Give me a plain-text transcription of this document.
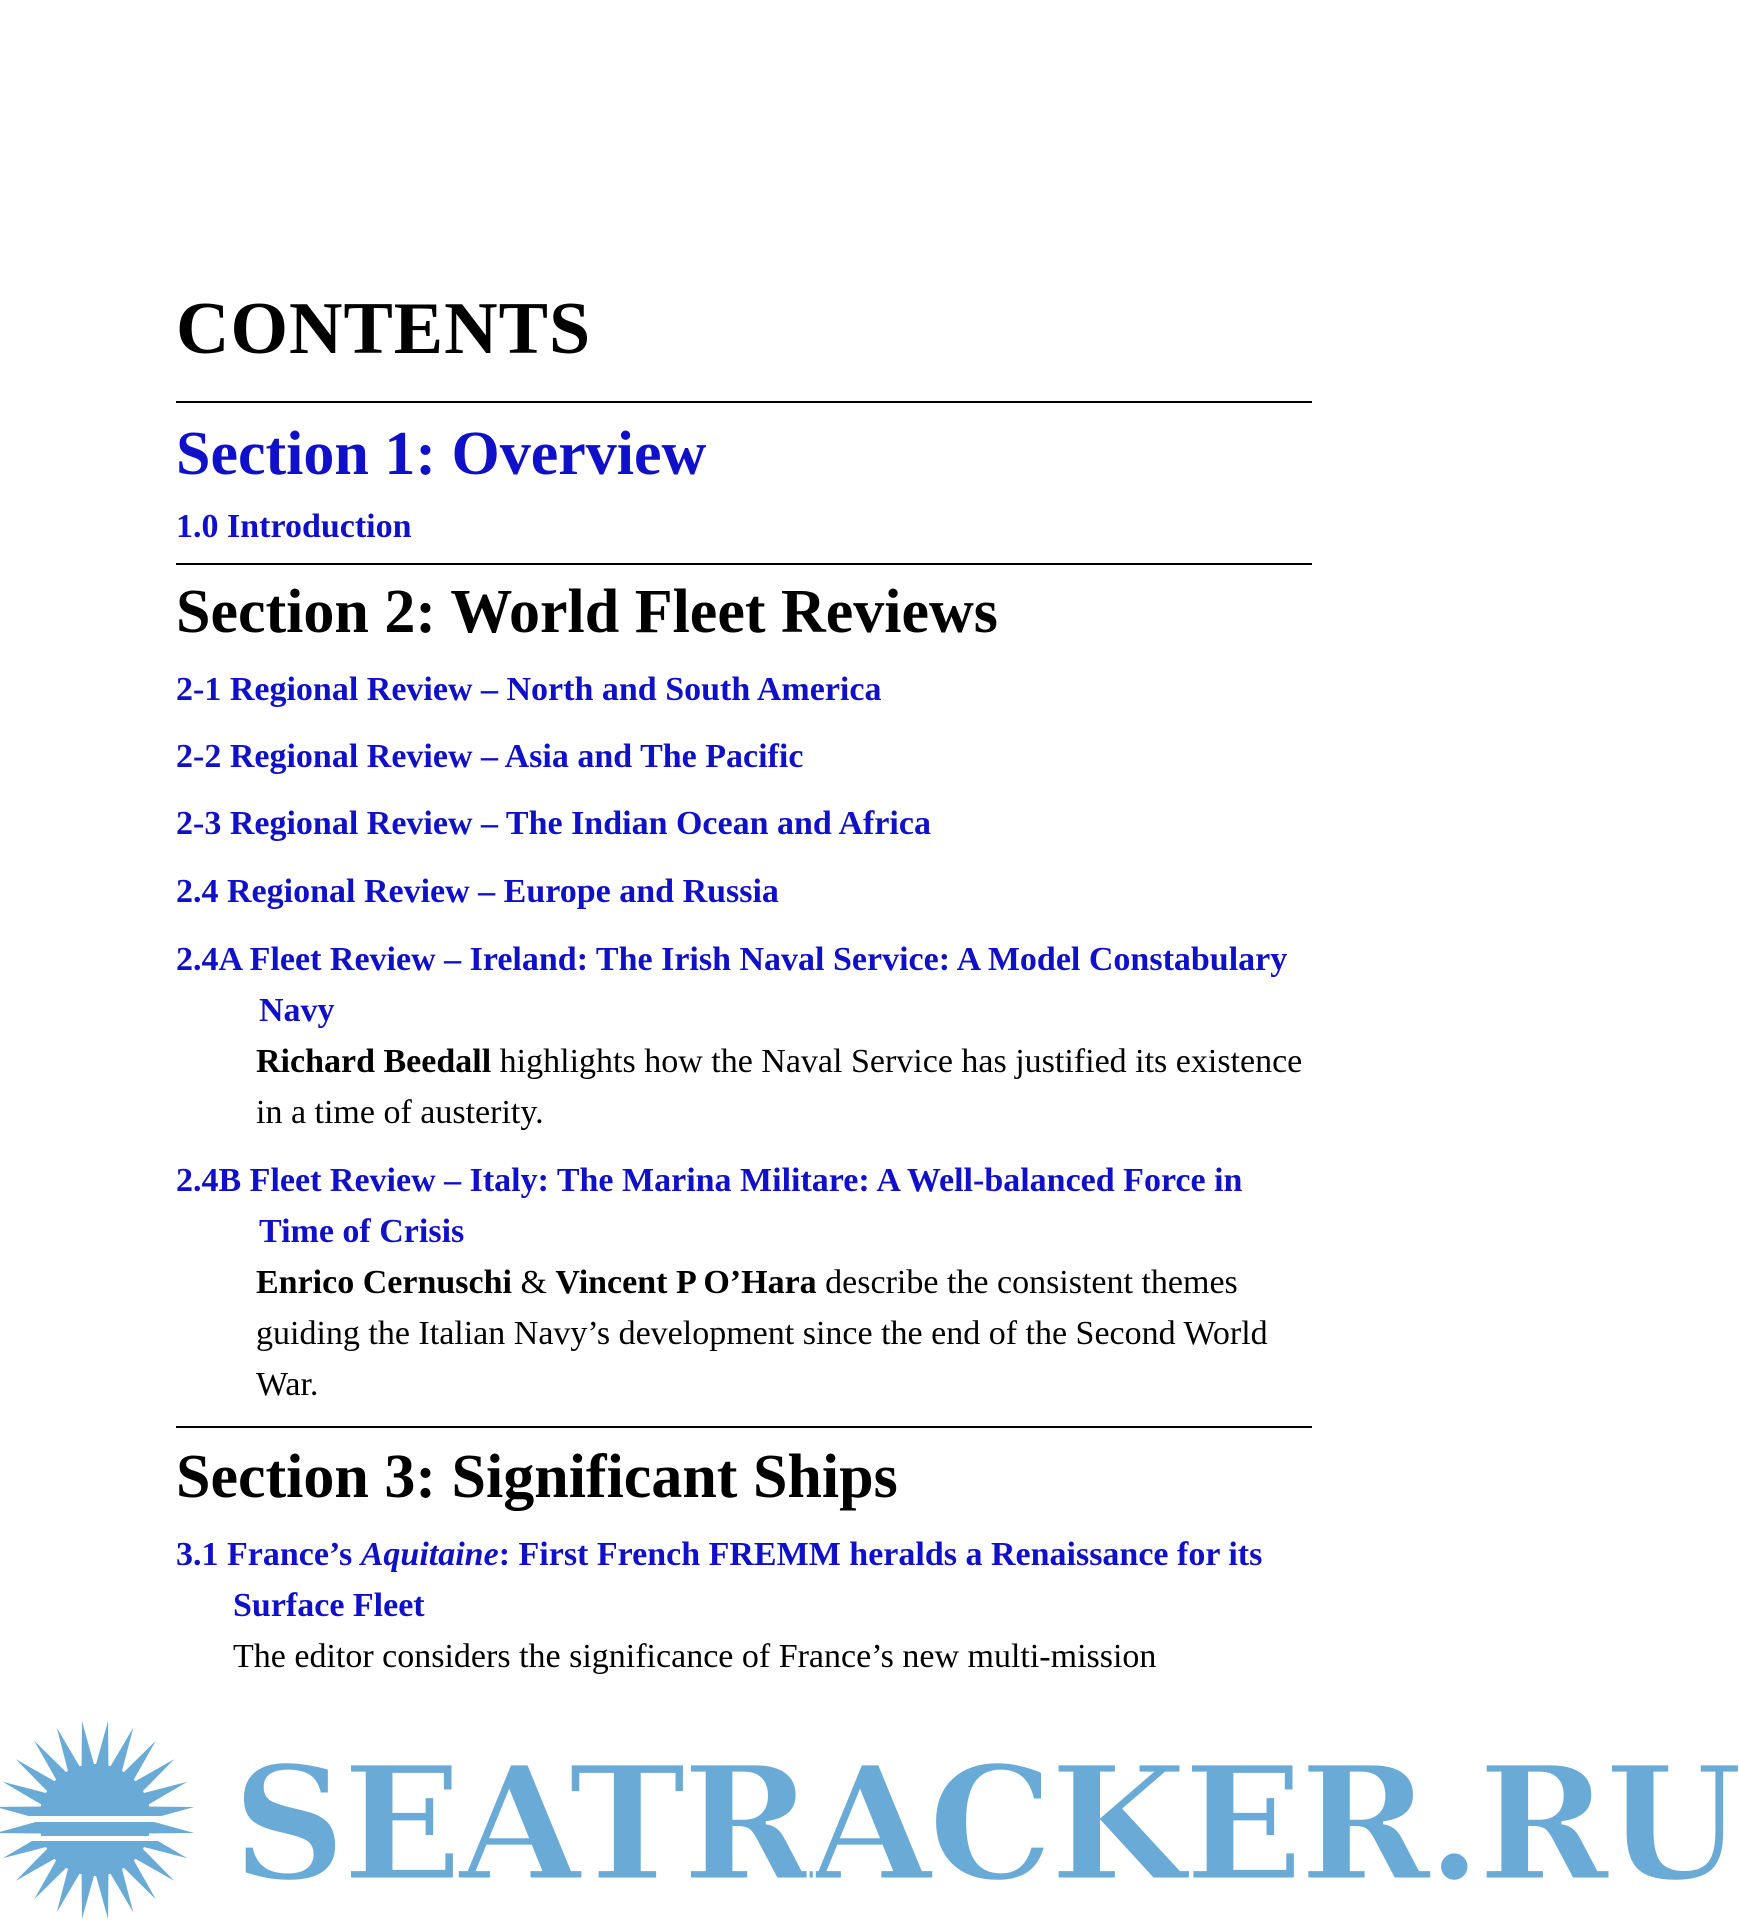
CONTENTS
Section 1: Overview
1.0 Introduction
Section 2: World Fleet Reviews
2-1 Regional Review – North and South America
2-2 Regional Review – Asia and The Pacific
2-3 Regional Review – The Indian Ocean and Africa
2.4 Regional Review – Europe and Russia
2.4A Fleet Review – Ireland: The Irish Naval Service: A Model Constabulary Navy
Richard Beedall highlights how the Naval Service has justified its existence in a time of austerity.
2.4B Fleet Review – Italy: The Marina Militare: A Well-balanced Force in Time of Crisis
Enrico Cernuschi & Vincent P O’Hara describe the consistent themes guiding the Italian Navy’s development since the end of the Second World War.
Section 3: Significant Ships
3.1 France’s Aquitaine: First French FREMM heralds a Renaissance for its Surface Fleet
The editor considers the significance of France’s new multi-mission
SEATRACKER.RU
